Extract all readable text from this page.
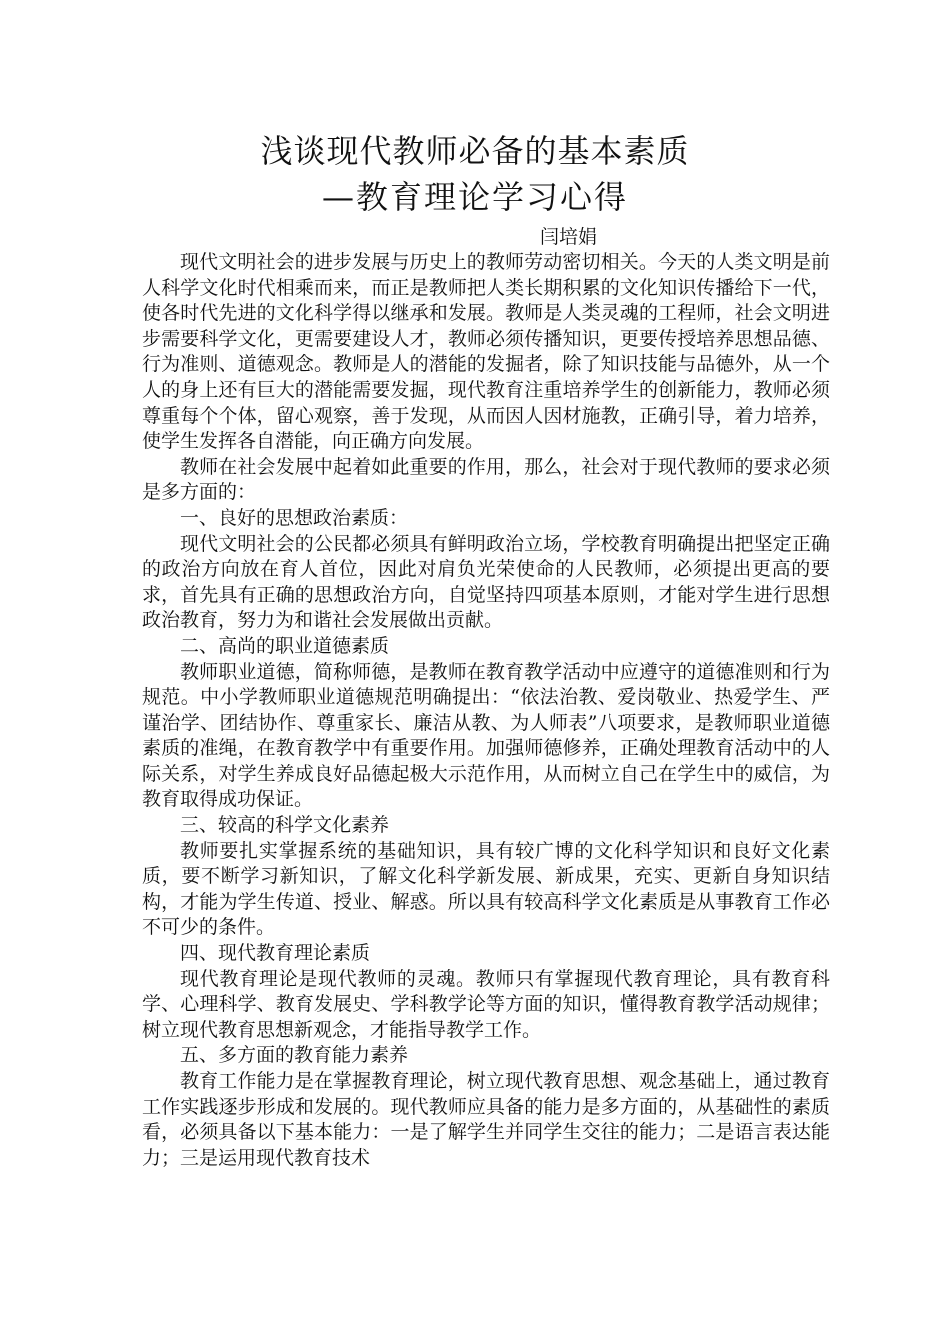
浅谈现代教师必备的基本素质
—教育理论学习心得
闫培娟

现代文明社会的进步发展与历史上的教师劳动密切相关。今天的人类文明是前人科学文化时代相乘而来，而正是教师把人类长期积累的文化知识传播给下一代，使各时代先进的文化科学得以继承和发展。教师是人类灵魂的工程师，社会文明进步需要科学文化，更需要建设人才，教师必须传播知识，更要传授培养思想品德、行为准则、道德观念。教师是人的潜能的发掘者，除了知识技能与品德外，从一个人的身上还有巨大的潜能需要发掘，现代教育注重培养学生的创新能力，教师必须尊重每个个体，留心观察，善于发现，从而因人因材施教，正确引导，着力培养，使学生发挥各自潜能，向正确方向发展。

教师在社会发展中起着如此重要的作用，那么，社会对于现代教师的要求必须是多方面的：

一、良好的思想政治素质：

现代文明社会的公民都必须具有鲜明政治立场，学校教育明确提出把坚定正确的政治方向放在育人首位，因此对肩负光荣使命的人民教师，必须提出更高的要求，首先具有正确的思想政治方向，自觉坚持四项基本原则，才能对学生进行思想政治教育，努力为和谐社会发展做出贡献。

二、高尚的职业道德素质

教师职业道德，简称师德，是教师在教育教学活动中应遵守的道德准则和行为规范。中小学教师职业道德规范明确提出：“依法治教、爱岗敬业、热爱学生、严谨治学、团结协作、尊重家长、廉洁从教、为人师表”八项要求，是教师职业道德素质的准绳，在教育教学中有重要作用。加强师德修养，正确处理教育活动中的人际关系，对学生养成良好品德起极大示范作用，从而树立自己在学生中的威信，为教育取得成功保证。

三、较高的科学文化素养

教师要扎实掌握系统的基础知识，具有较广博的文化科学知识和良好文化素质，要不断学习新知识，了解文化科学新发展、新成果，充实、更新自身知识结构，才能为学生传道、授业、解惑。所以具有较高科学文化素质是从事教育工作必不可少的条件。

四、现代教育理论素质

现代教育理论是现代教师的灵魂。教师只有掌握现代教育理论，具有教育科学、心理科学、教育发展史、学科教学论等方面的知识，懂得教育教学活动规律；树立现代教育思想新观念，才能指导教学工作。

五、多方面的教育能力素养

教育工作能力是在掌握教育理论，树立现代教育思想、观念基础上，通过教育工作实践逐步形成和发展的。现代教师应具备的能力是多方面的，从基础性的素质看，必须具备以下基本能力：一是了解学生并同学生交往的能力；二是语言表达能力；三是运用现代教育技术
